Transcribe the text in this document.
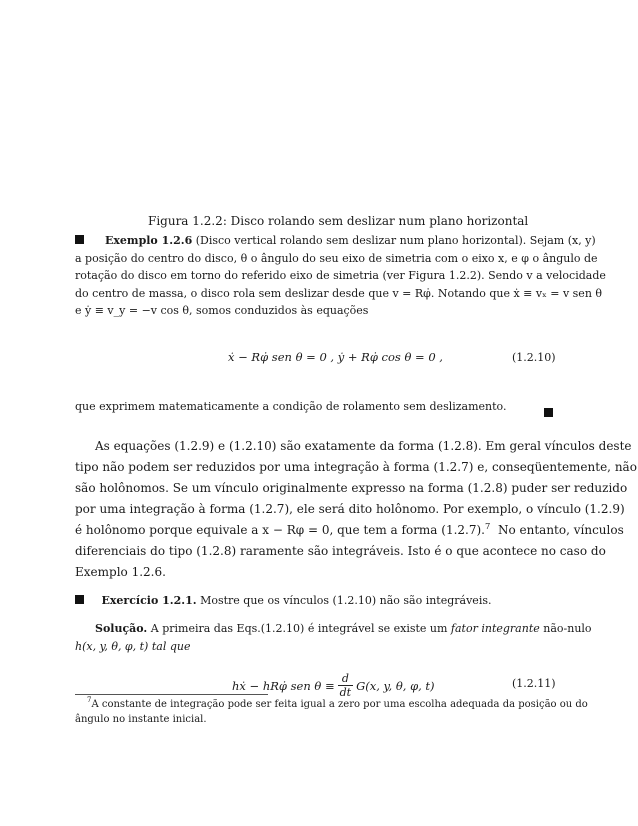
Figura 1.2.2: Disco rolando sem deslizar num plano horizontal
Exemplo 1.2.6 (Disco vertical rolando sem deslizar num plano horizontal). Sejam (x, y)
a posição do centro do disco, θ o ângulo do seu eixo de simetria com o eixo x, e φ o ângulo de
rotação do disco em torno do referido eixo de simetria (ver Figura 1.2.2). Sendo v a velocidade
do centro de massa, o disco rola sem deslizar desde que v = Rφ̇. Notando que ẋ ≡ vₓ = v sen θ
e ẏ ≡ v_y = −v cos θ, somos conduzidos às equações
ẋ − Rφ̇ sen θ = 0 , ẏ + Rφ̇ cos θ = 0 ,	(1.2.10)
que exprimem matematicamente a condição de rolamento sem deslizamento.
As equações (1.2.9) e (1.2.10) são exatamente da forma (1.2.8). Em geral vínculos deste
tipo não podem ser reduzidos por uma integração à forma (1.2.7) e, conseqüentemente, não
são holônomos. Se um vínculo originalmente expresso na forma (1.2.8) puder ser reduzido
por uma integração à forma (1.2.7), ele será dito holônomo. Por exemplo, o vínculo (1.2.9)
é holônomo porque equivale a x − Rφ = 0, que tem a forma (1.2.7).$^7$ No entanto, vínculos
diferenciais do tipo (1.2.8) raramente são integráveis. Isto é o que acontece no caso do
Exemplo 1.2.6.
Exercício 1.2.1. Mostre que os vínculos (1.2.10) não são integráveis.
Solução. A primeira das Eqs.(1.2.10) é integrável se existe um fator integrante não-nulo
h(x, y, θ, φ, t) tal que
hẋ − hRφ̇ sen $\theta \equiv \frac{d}{dt} G(x$, y, θ, φ, t)	(1.2.11)
$^7$A constante de integração pode ser feita igual a zero por uma escolha adequada da posição ou do
ângulo no instante inicial.
